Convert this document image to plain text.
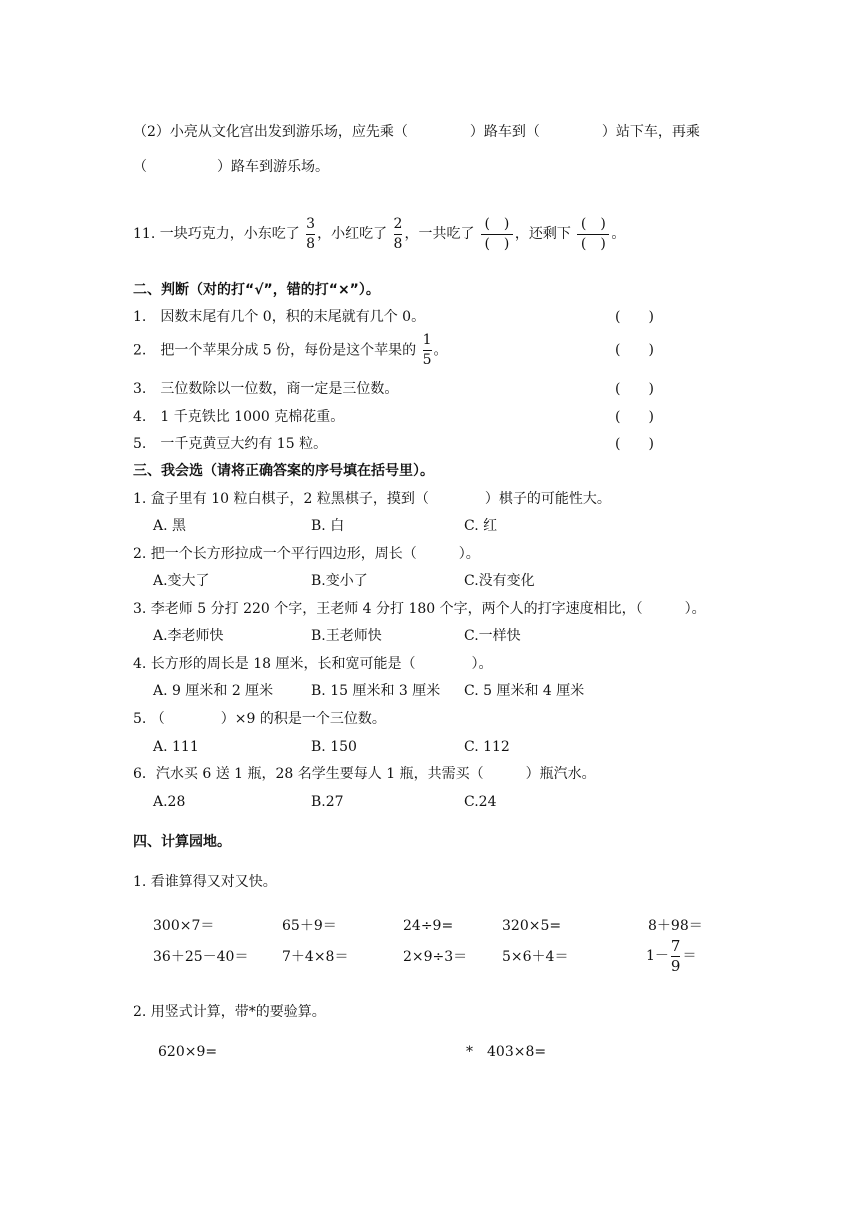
（2）小亮从文化宫出发到游乐场，应先乘（	）路车到（	）站下车，再乘
（	）路车到游乐场。
11. 一块巧克力，小东吃了 $\frac{3}{8}$ ，小红吃了 $\frac{2}{8}$ ，一共吃了 $\frac{( )}{( )}$ ，还剩下 $\frac{( )}{( )}$ 。
二、判断（对的打“√”，错的打“×”）。
1.　因数末尾有几个 0，积的末尾就有几个 0。	(　　)
2.　把一个苹果分成 5 份，每份是这个苹果的 $\frac{1}{5}$ 。	(　　)
3.　三位数除以一位数，商一定是三位数。	(　　)
4.　1 千克铁比 1000 克棉花重。	(　　)
5.　一千克黄豆大约有 15 粒。	(　　)
三、我会选（请将正确答案的序号填在括号里）。
1. 盒子里有 10 粒白棋子，2 粒黑棋子，摸到（　　　　）棋子的可能性大。
A. 黑	B. 白	C. 红
2. 把一个长方形拉成一个平行四边形，周长（　　　）。
A.变大了	B.变小了	C.没有变化
3. 李老师 5 分打 220 个字，王老师 4 分打 180 个字，两个人的打字速度相比，（　　　）。
A.李老师快	B.王老师快	C.一样快
4. 长方形的周长是 18 厘米，长和宽可能是（　　　　）。
A. 9 厘米和 2 厘米	B. 15 厘米和 3 厘米 C. 5 厘米和 4 厘米
5. （　　　　）×9 的积是一个三位数。
A. 111	B. 150	C. 112
6．汽水买 6 送 1 瓶，28 名学生要每人 1 瓶，共需买（　　　）瓶汽水。
A.28	B.27	C.24
四、计算园地。
1. 看谁算得又对又快。
300×7＝	65＋9＝	24÷9=	320×5=	8＋98＝
36＋25－40＝ 7＋4×8＝	2×9÷3＝ 5×6＋4＝	$1- \frac{7}{9}$ ＝
2. 用竖式计算，带*的要验算。
620×9=	*　403×8=
